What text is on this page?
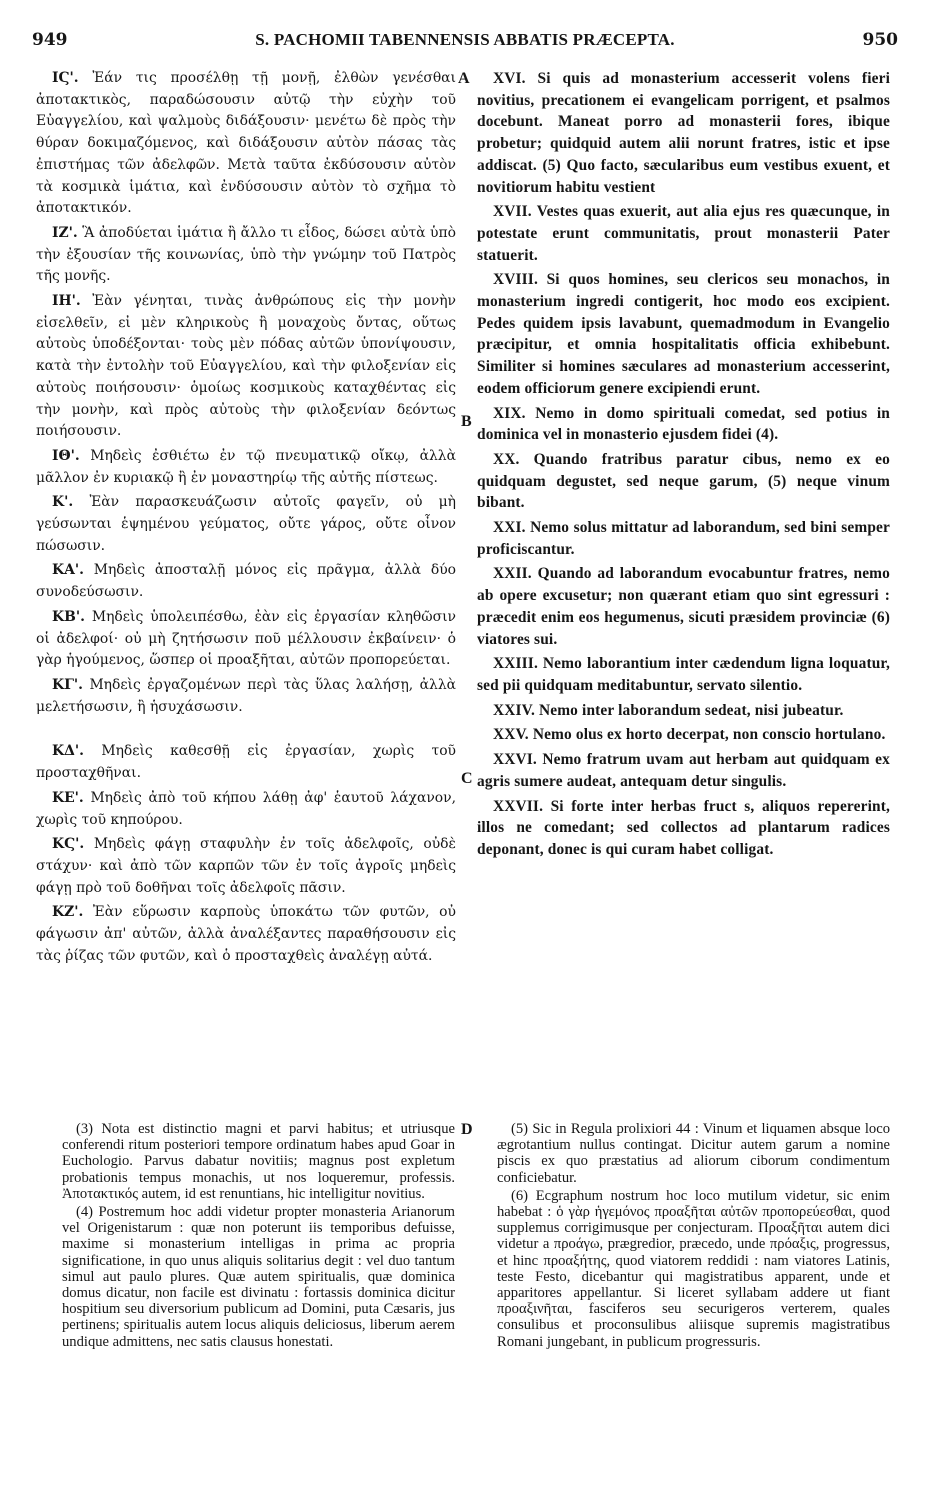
949	S. PACHOMII TABENNENSIS ABBATIS PRÆCEPTA.	950

ΙϚ'. Ἐάν τις προσέλθῃ τῇ μονῇ, ἐλθὼν γενέσθαι ἀποτακτικὸς, παραδώσουσιν αὐτῷ τὴν εὐχὴν τοῦ Εὐαγγελίου, καὶ ψαλμοὺς διδάξουσιν· μενέτω δὲ πρὸς τὴν θύραν δοκιμαζόμενος, καὶ διδάξουσιν αὐτὸν πάσας τὰς ἐπιστήμας τῶν ἀδελφῶν. Μετὰ ταῦτα ἐκδύσουσιν αὐτὸν τὰ κοσμικὰ ἱμάτια, καὶ ἐνδύσουσιν αὐτὸν τὸ σχῆμα τὸ ἀποτακτικόν.

ΙΖ'. Ἃ ἀποδύεται ἱμάτια ἢ ἄλλο τι εἶδος, δώσει αὐτὰ ὑπὸ τὴν ἐξουσίαν τῆς κοινωνίας, ὑπὸ τὴν γνώμην τοῦ Πατρὸς τῆς μονῆς.

ΙΗ'. Ἐὰν γένηται, τινὰς ἀνθρώπους εἰς τὴν μονὴν εἰσελθεῖν, εἰ μὲν κληρικοὺς ἢ μοναχοὺς ὄντας, οὕτως αὐτοὺς ὑποδέξονται· τοὺς μὲν πόδας αὐτῶν ὑπονίψουσιν, κατὰ τὴν ἐντολὴν τοῦ Εὐαγγελίου, καὶ τὴν φιλοξενίαν εἰς αὐτοὺς ποιήσουσιν· ὁμοίως κοσμικοὺς καταχθέντας εἰς τὴν μονὴν, καὶ πρὸς αὐτοὺς τὴν φιλοξενίαν δεόντως ποιήσουσιν.

ΙΘ'. Μηδεὶς ἐσθιέτω ἐν τῷ πνευματικῷ οἴκῳ, ἀλλὰ μᾶλλον ἐν κυριακῷ ἢ ἐν μοναστηρίῳ τῆς αὐτῆς πίστεως.

Κ'. Ἐὰν παρασκευάζωσιν αὐτοῖς φαγεῖν, οὐ μὴ γεύσωνται ἑψημένου γεύματος, οὔτε γάρος, οὔτε οἶνον πώσωσιν.

ΚΑ'. Μηδεὶς ἀποσταλῇ μόνος εἰς πρᾶγμα, ἀλλὰ δύο συνοδεύσωσιν.

ΚΒ'. Μηδεὶς ὑπολειπέσθω, ἐὰν εἰς ἐργασίαν κληθῶσιν οἱ ἀδελφοί· οὐ μὴ ζητήσωσιν ποῦ μέλλουσιν ἐκβαίνειν· ὁ γὰρ ἡγούμενος, ὥσπερ οἱ προαξῆται, αὐτῶν προπορεύεται.

ΚΓ'. Μηδεὶς ἐργαζομένων περὶ τὰς ὕλας λαλήσῃ, ἀλλὰ μελετήσωσιν, ἢ ἡσυχάσωσιν.

ΚΔ'. Μηδεὶς καθεσθῇ εἰς ἐργασίαν, χωρὶς τοῦ προσταχθῆναι.

ΚΕ'. Μηδεὶς ἀπὸ τοῦ κήπου λάθῃ ἀφ' ἑαυτοῦ λάχανον, χωρὶς τοῦ κηπούρου.

ΚϚ'. Μηδεὶς φάγῃ σταφυλὴν ἐν τοῖς ἀδελφοῖς, οὐδὲ στάχυν· καὶ ἀπὸ τῶν καρπῶν τῶν ἐν τοῖς ἀγροῖς μηδεὶς φάγῃ πρὸ τοῦ δοθῆναι τοῖς ἀδελφοῖς πᾶσιν.

ΚΖ'. Ἐὰν εὕρωσιν καρποὺς ὑποκάτω τῶν φυτῶν, οὐ φάγωσιν ἀπ' αὐτῶν, ἀλλὰ ἀναλέξαντες παραθήσουσιν εἰς τὰς ῥίζας τῶν φυτῶν, καὶ ὁ προσταχθεὶς ἀναλέγῃ αὐτά.

A
B
C
D

XVI. Si quis ad monasterium accesserit volens fieri novitius, precationem ei evangelicam porrigent, et psalmos docebunt. Maneat porro ad monasterii fores, ibique probetur; quidquid autem alii norunt fratres, istic et ipse addiscat. (5) Quo facto, sæcularibus eum vestibus exuent, et novitiorum habitu vestient

XVII. Vestes quas exuerit, aut alia ejus res quæcunque, in potestate erunt communitatis, prout monasterii Pater statuerit.

XVIII. Si quos homines, seu clericos seu monachos, in monasterium ingredi contigerit, hoc modo eos excipient. Pedes quidem ipsis lavabunt, quemadmodum in Evangelio præcipitur, et omnia hospitalitatis officia exhibebunt. Similiter si homines sæculares ad monasterium accesserint, eodem officiorum genere excipiendi erunt.

XIX. Nemo in domo spirituali comedat, sed potius in dominica vel in monasterio ejusdem fidei (4).

XX. Quando fratribus paratur cibus, nemo ex eo quidquam degustet, sed neque garum, (5) neque vinum bibant.

XXI. Nemo solus mittatur ad laborandum, sed bini semper proficiscantur.

XXII. Quando ad laborandum evocabuntur fratres, nemo ab opere excusetur; non quærant etiam quo sint egressuri : præcedit enim eos hegumenus, sicuti præsidem provinciæ (6) viatores sui.

XXIII. Nemo laborantium inter cædendum ligna loquatur, sed pii quidquam meditabuntur, servato silentio.

XXIV. Nemo inter laborandum sedeat, nisi jubeatur.

XXV. Nemo olus ex horto decerpat, non conscio hortulano.

XXVI. Nemo fratrum uvam aut herbam aut quidquam ex agris sumere audeat, antequam detur singulis.

XXVII. Si forte inter herbas fruct s, aliquos repererint, illos ne comedant; sed collectos ad plantarum radices deponant, donec is qui curam habet colligat.

(3) Nota est distinctio magni et parvi habitus; et utriusque conferendi ritum posteriori tempore ordinatum habes apud Goar in Euchologio. Parvus dabatur novitiis; magnus post expletum probationis tempus monachis, ut nos loqueremur, professis. Ἀποτακτικός autem, id est renuntians, hic intelligitur novitius.

(4) Postremum hoc addi videtur propter monasteria Arianorum vel Origenistarum : quæ non poterunt iis temporibus defuisse, maxime si monasterium intelligas in prima ac propria significatione, in quo unus aliquis solitarius degit : vel duo tantum simul aut paulo plures. Quæ autem spiritualis, quæ dominica domus dicatur, non facile est divinatu : fortassis dominica dicitur hospitium seu diversorium publicum ad Domini, puta Cæsaris, jus pertinens; spiritualis autem locus aliquis deliciosus, liberum aerem undique admittens, nec satis clausus honestati.

(5) Sic in Regula prolixiori 44 : Vinum et liquamen absque loco ægrotantium nullus contingat. Dicitur autem garum a nomine piscis ex quo præstatius ad aliorum ciborum condimentum conficiebatur.

(6) Ecgraphum nostrum hoc loco mutilum videtur, sic enim habebat : ὁ γὰρ ἡγεμόνος προαξῆται αὐτῶν προπορεύεσθαι, quod supplemus corrigimusque per conjecturam. Προαξῆται autem dici videtur a προάγω, prægredior, præcedo, unde πρόαξις, progressus, et hinc προαξήτης, quod viatorem reddidi : nam viatores Latinis, teste Festo, dicebantur qui magistratibus apparent, unde et apparitores appellantur. Si liceret syllabam addere ut fiant προαξινῆται, fasciferos seu securigeros verterem, quales consulibus et proconsulibus aliisque supremis magistratibus Romani jungebant, in publicum progressuris.
